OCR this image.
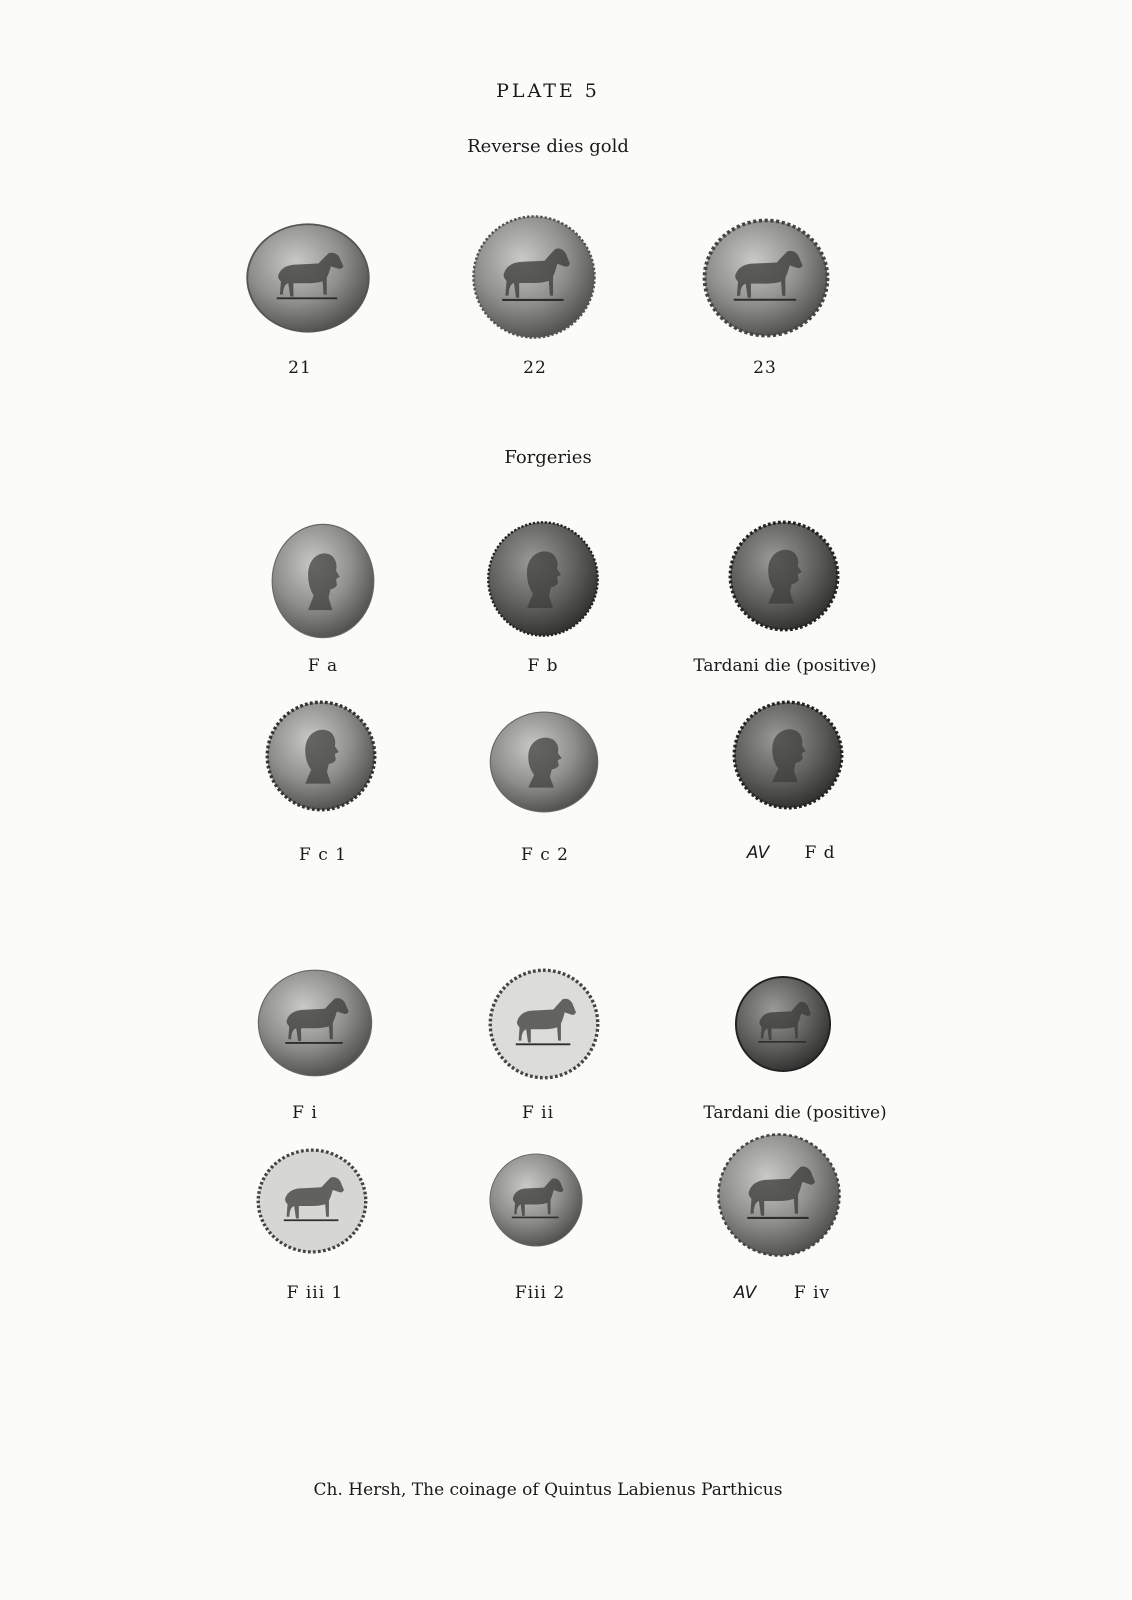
PLATE 5
Reverse dies gold
21	22	23
Forgeries
F a	F b	Tardani die (positive)
F c 1	F c 2	AV	F d
F i	F ii	Tardani die (positive)
F iii 1	Fiii 2	AV	F iv
Ch. Hersh, The coinage of Quintus Labienus Parthicus
